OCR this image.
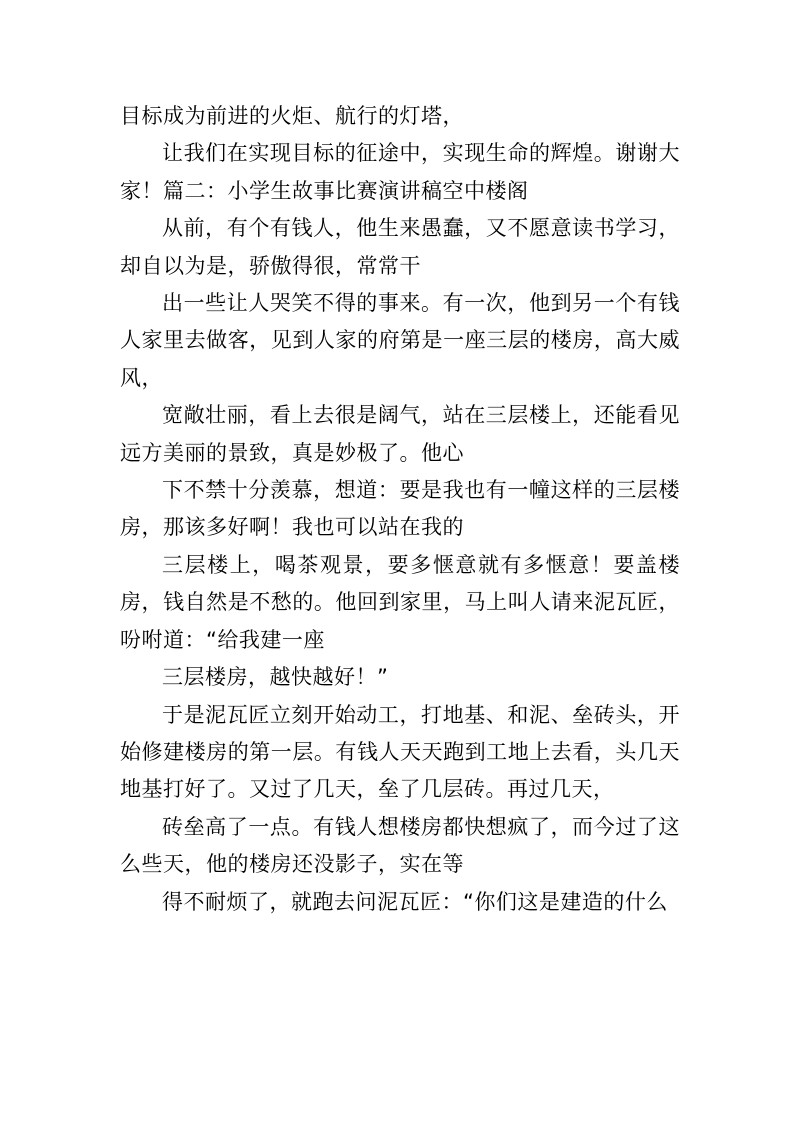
目标成为前进的火炬、航行的灯塔，

让我们在实现目标的征途中，实现生命的辉煌。谢谢大家！篇二：小学生故事比赛演讲稿空中楼阁

从前，有个有钱人，他生来愚蠢，又不愿意读书学习，却自以为是，骄傲得很，常常干

出一些让人哭笑不得的事来。有一次，他到另一个有钱人家里去做客，见到人家的府第是一座三层的楼房，高大威风，

宽敞壮丽，看上去很是阔气，站在三层楼上，还能看见远方美丽的景致，真是妙极了。他心

下不禁十分羡慕，想道：要是我也有一幢这样的三层楼房，那该多好啊！我也可以站在我的

三层楼上，喝茶观景，要多惬意就有多惬意！要盖楼房，钱自然是不愁的。他回到家里，马上叫人请来泥瓦匠，吩咐道：“给我建一座

三层楼房，越快越好！”

于是泥瓦匠立刻开始动工，打地基、和泥、垒砖头，开始修建楼房的第一层。有钱人天天跑到工地上去看，头几天地基打好了。又过了几天，垒了几层砖。再过几天，

砖垒高了一点。有钱人想楼房都快想疯了，而今过了这么些天，他的楼房还没影子，实在等

得不耐烦了，就跑去问泥瓦匠：“你们这是建造的什么
